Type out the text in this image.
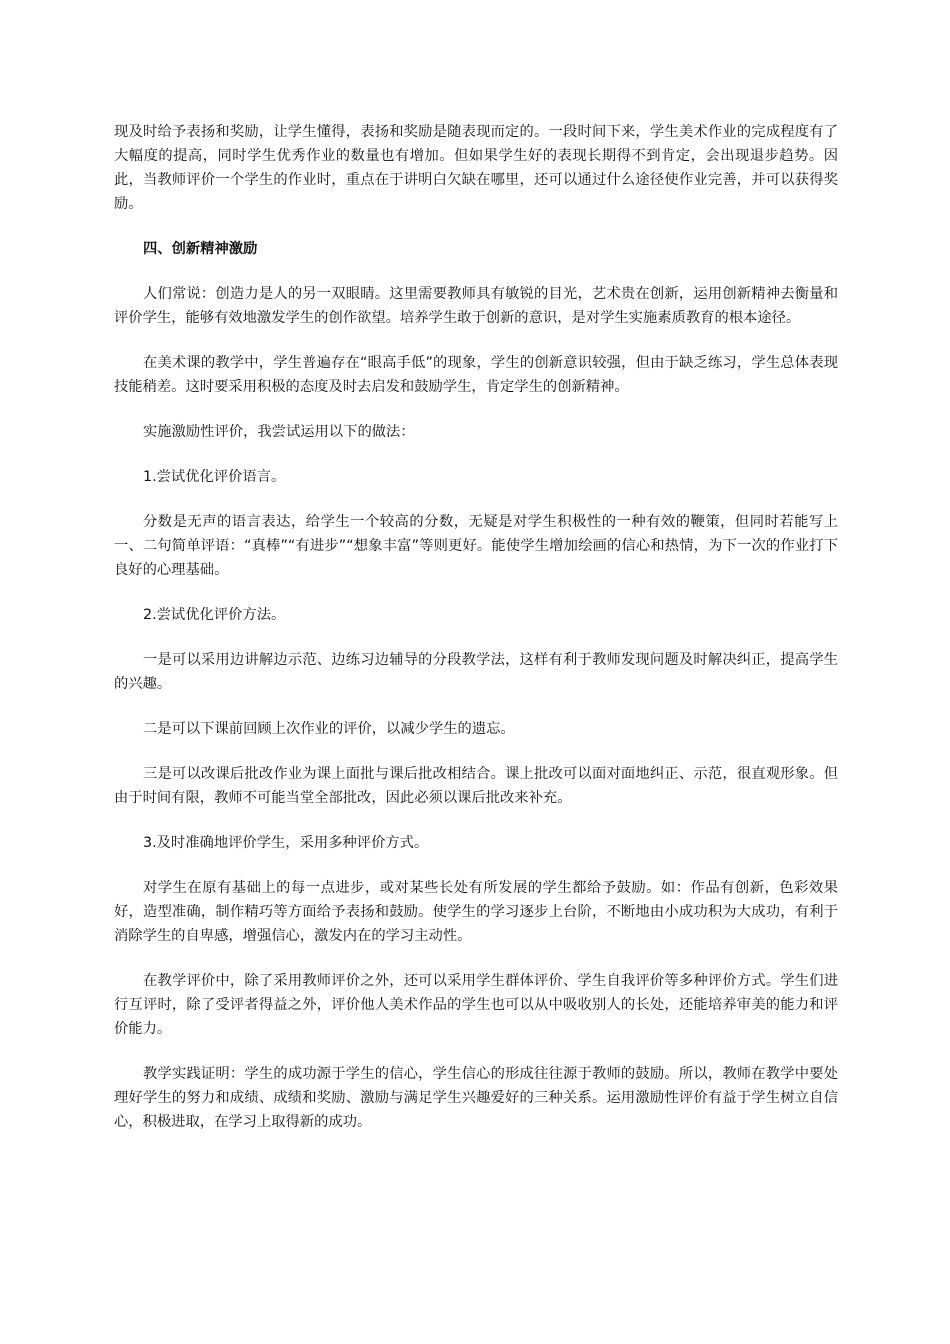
现及时给予表扬和奖励，让学生懂得，表扬和奖励是随表现而定的。一段时间下来，学生美术作业的完成程度有了大幅度的提高，同时学生优秀作业的数量也有增加。但如果学生好的表现长期得不到肯定，会出现退步趋势。因此，当教师评价一个学生的作业时，重点在于讲明白欠缺在哪里，还可以通过什么途径使作业完善，并可以获得奖励。

四、创新精神激励

人们常说：创造力是人的另一双眼睛。这里需要教师具有敏锐的目光，艺术贵在创新，运用创新精神去衡量和评价学生，能够有效地激发学生的创作欲望。培养学生敢于创新的意识，是对学生实施素质教育的根本途径。

在美术课的教学中，学生普遍存在“眼高手低”的现象，学生的创新意识较强，但由于缺乏练习，学生总体表现技能稍差。这时要采用积极的态度及时去启发和鼓励学生，肯定学生的创新精神。

实施激励性评价，我尝试运用以下的做法：

1.尝试优化评价语言。

分数是无声的语言表达，给学生一个较高的分数，无疑是对学生积极性的一种有效的鞭策，但同时若能写上一、二句简单评语：“真棒”“有进步”“想象丰富”等则更好。能使学生增加绘画的信心和热情，为下一次的作业打下良好的心理基础。

2.尝试优化评价方法。

一是可以采用边讲解边示范、边练习边辅导的分段教学法，这样有利于教师发现问题及时解决纠正，提高学生的兴趣。

二是可以下课前回顾上次作业的评价，以减少学生的遗忘。

三是可以改课后批改作业为课上面批与课后批改相结合。课上批改可以面对面地纠正、示范，很直观形象。但由于时间有限，教师不可能当堂全部批改，因此必须以课后批改来补充。

3.及时准确地评价学生，采用多种评价方式。

对学生在原有基础上的每一点进步，或对某些长处有所发展的学生都给予鼓励。如：作品有创新，色彩效果好，造型准确，制作精巧等方面给予表扬和鼓励。使学生的学习逐步上台阶，不断地由小成功积为大成功，有利于消除学生的自卑感，增强信心，激发内在的学习主动性。

在教学评价中，除了采用教师评价之外，还可以采用学生群体评价、学生自我评价等多种评价方式。学生们进行互评时，除了受评者得益之外，评价他人美术作品的学生也可以从中吸收别人的长处，还能培养审美的能力和评价能力。

教学实践证明：学生的成功源于学生的信心，学生信心的形成往往源于教师的鼓励。所以，教师在教学中要处理好学生的努力和成绩、成绩和奖励、激励与满足学生兴趣爱好的三种关系。运用激励性评价有益于学生树立自信心，积极进取，在学习上取得新的成功。
